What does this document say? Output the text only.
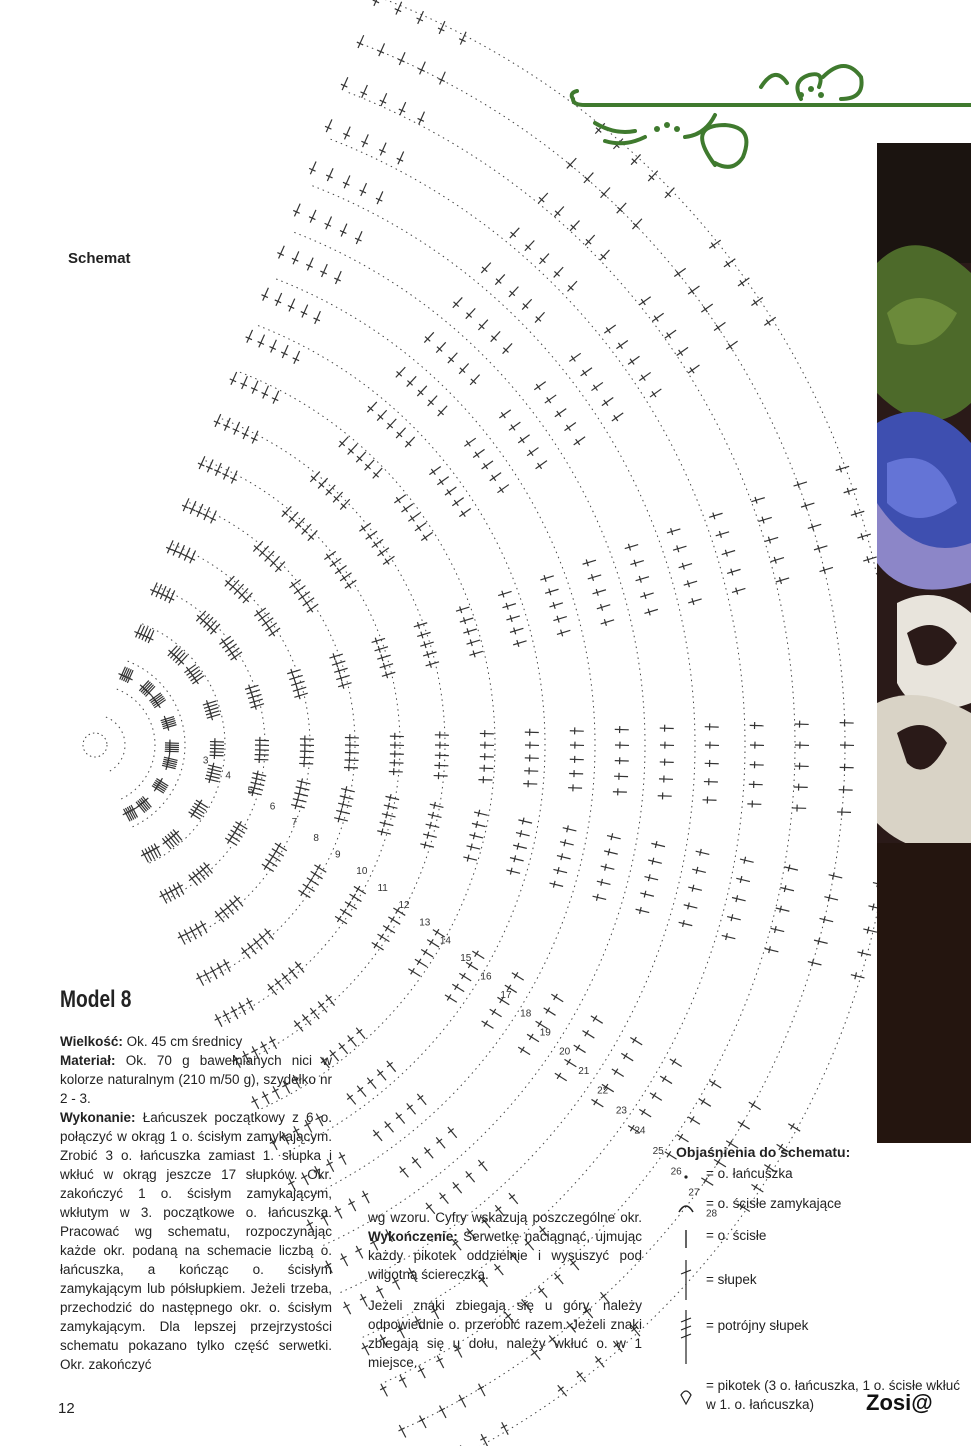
Schemat
3
4
5
6
7
8
9
10
11
12
13
14
15
16
17
18
19
20
21
22
23
24
25
26
27
28
Model 8

Wielkość: Ok. 45 cm średnicy

Materiał: Ok. 70 g bawełnianych nici w kolorze naturalnym (210 m/50 g), szydełko nr 2 - 3.

Wykonanie: Łańcuszek początkowy z 6 o. połączyć w okrąg 1 o. ścisłym zamykającym. Zrobić 3 o. łańcuszka zamiast 1. słupka i wkłuć w okrąg jeszcze 17 słupków. Okr. zakończyć 1 o. ścisłym zamykającym, wkłutym w 3. początkowe o. łańcuszka. Pracować wg schematu, rozpoczynając każde okr. podaną na schemacie liczbą o. łańcuszka, a kończąc o. ścisłym zamykającym lub półsłupkiem. Jeżeli trzeba, przechodzić do następnego okr. o. ścisłym zamykającym. Dla lepszej przejrzystości schematu pokazano tylko część serwetki. Okr. zakończyć

wg wzoru. Cyfry wskazują poszczególne okr. Wykończenie: Serwetkę naciągnąć, ujmując każdy pikotek oddzielnie i wysuszyć pod wilgotną ściereczką.

Jeżeli znaki zbiegają się u góry, należy odpowiednie o. przerobić razem. Jeżeli znaki zbiegają się u dołu, należy wkłuć o. w 1 miejsce.

Objaśnienia do schematu:
= o. łańcuszka
= o. ścisłe zamykające
= o. ścisłe
= słupek
= potrójny słupek
= pikotek (3 o. łańcuszka, 1 o. ścisłe wkłuć w 1. o. łańcuszka)
12	Zosi@
